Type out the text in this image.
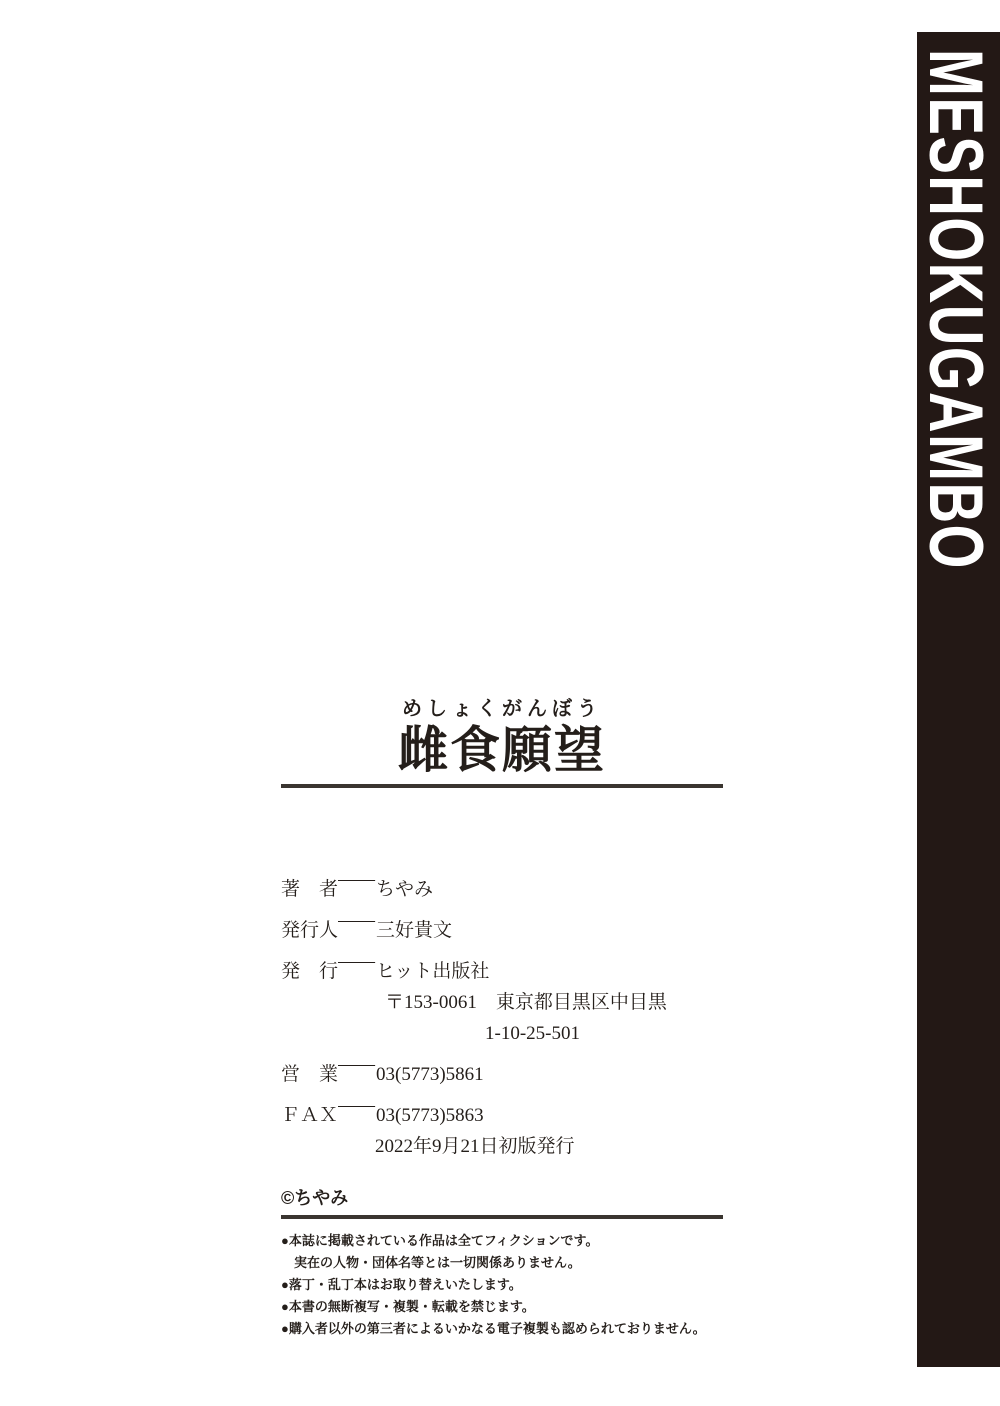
MESHOKUGAMBO
めしょくがんぼう
雌食願望
著　者—— ちやみ
発行人—— 三好貴文
発　行—— ヒット出版社
〒153-0061　東京都目黒区中目黒
1-10-25-501
営　業—— 03(5773)5861
ＦＡＸ—— 03(5773)5863
2022年9月21日初版発行
©ちやみ
●本誌に掲載されている作品は全てフィクションです。
実在の人物・団体名等とは一切関係ありません。
●落丁・乱丁本はお取り替えいたします。
●本書の無断複写・複製・転載を禁じます。
●購入者以外の第三者によるいかなる電子複製も認められておりません。
